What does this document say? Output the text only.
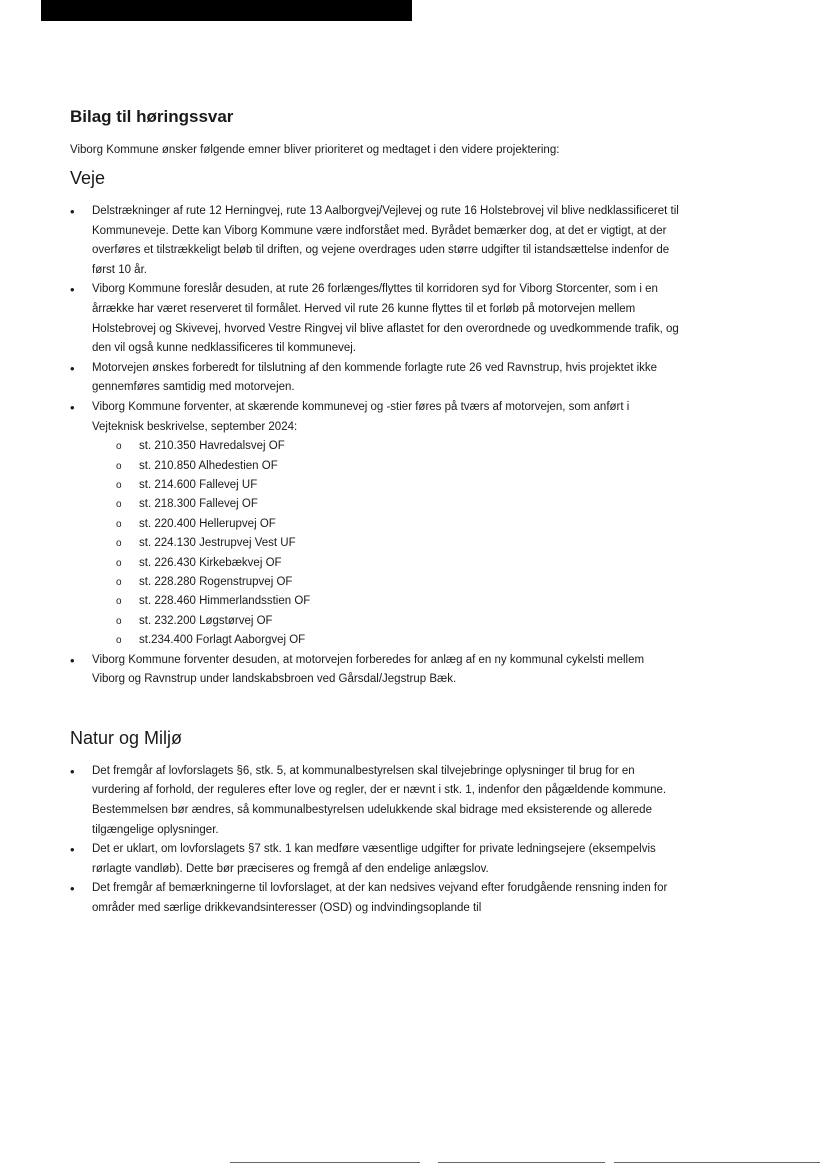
Bilag til høringssvar

Viborg Kommune ønsker følgende emner bliver prioriteret og medtaget i den videre projektering:

Veje
• Delstrækninger af rute 12 Herningvej, rute 13 Aalborgvej/Vejlevej og rute 16 Holstebrovej vil blive nedklassificeret til Kommuneveje. Dette kan Viborg Kommune være indforstået med. Byrådet bemærker dog, at det er vigtigt, at der overføres et tilstrækkeligt beløb til driften, og vejene overdrages uden større udgifter til istandsættelse indenfor de først 10 år.
• Viborg Kommune foreslår desuden, at rute 26 forlænges/flyttes til korridoren syd for Viborg Storcenter, som i en årrække har været reserveret til formålet. Herved vil rute 26 kunne flyttes til et forløb på motorvejen mellem Holstebrovej og Skivevej, hvorved Vestre Ringvej vil blive aflastet for den overordnede og uvedkommende trafik, og den vil også kunne nedklassificeres til kommunevej.
• Motorvejen ønskes forberedt for tilslutning af den kommende forlagte rute 26 ved Ravnstrup, hvis projektet ikke gennemføres samtidig med motorvejen.
• Viborg Kommune forventer, at skærende kommunevej og -stier føres på tværs af motorvejen, som anført i Vejteknisk beskrivelse, september 2024:
o st. 210.350 Havredalsvej OF
o st. 210.850 Alhedestien OF
o st. 214.600 Fallevej UF
o st. 218.300 Fallevej OF
o st. 220.400 Hellerupvej OF
o st. 224.130 Jestrupvej Vest UF
o st. 226.430 Kirkebækvej OF
o st. 228.280 Rogenstrupvej OF
o st. 228.460 Himmerlandsstien OF
o st. 232.200 Løgstørvej OF
o st.234.400 Forlagt Aaborgvej OF
• Viborg Kommune forventer desuden, at motorvejen forberedes for anlæg af en ny kommunal cykelsti mellem Viborg og Ravnstrup under landskabsbroen ved Gårsdal/Jegstrup Bæk.
Natur og Miljø
• Det fremgår af lovforslagets §6, stk. 5, at kommunalbestyrelsen skal tilvejebringe oplysninger til brug for en vurdering af forhold, der reguleres efter love og regler, der er nævnt i stk. 1, indenfor den pågældende kommune. Bestemmelsen bør ændres, så kommunalbestyrelsen udelukkende skal bidrage med eksisterende og allerede tilgængelige oplysninger.
• Det er uklart, om lovforslagets §7 stk. 1 kan medføre væsentlige udgifter for private ledningsejere (eksempelvis rørlagte vandløb). Dette bør præciseres og fremgå af den endelige anlægslov.
• Det fremgår af bemærkningerne til lovforslaget, at der kan nedsives vejvand efter forudgående rensning inden for områder med særlige drikkevandsinteresser (OSD) og indvindingsoplande til
